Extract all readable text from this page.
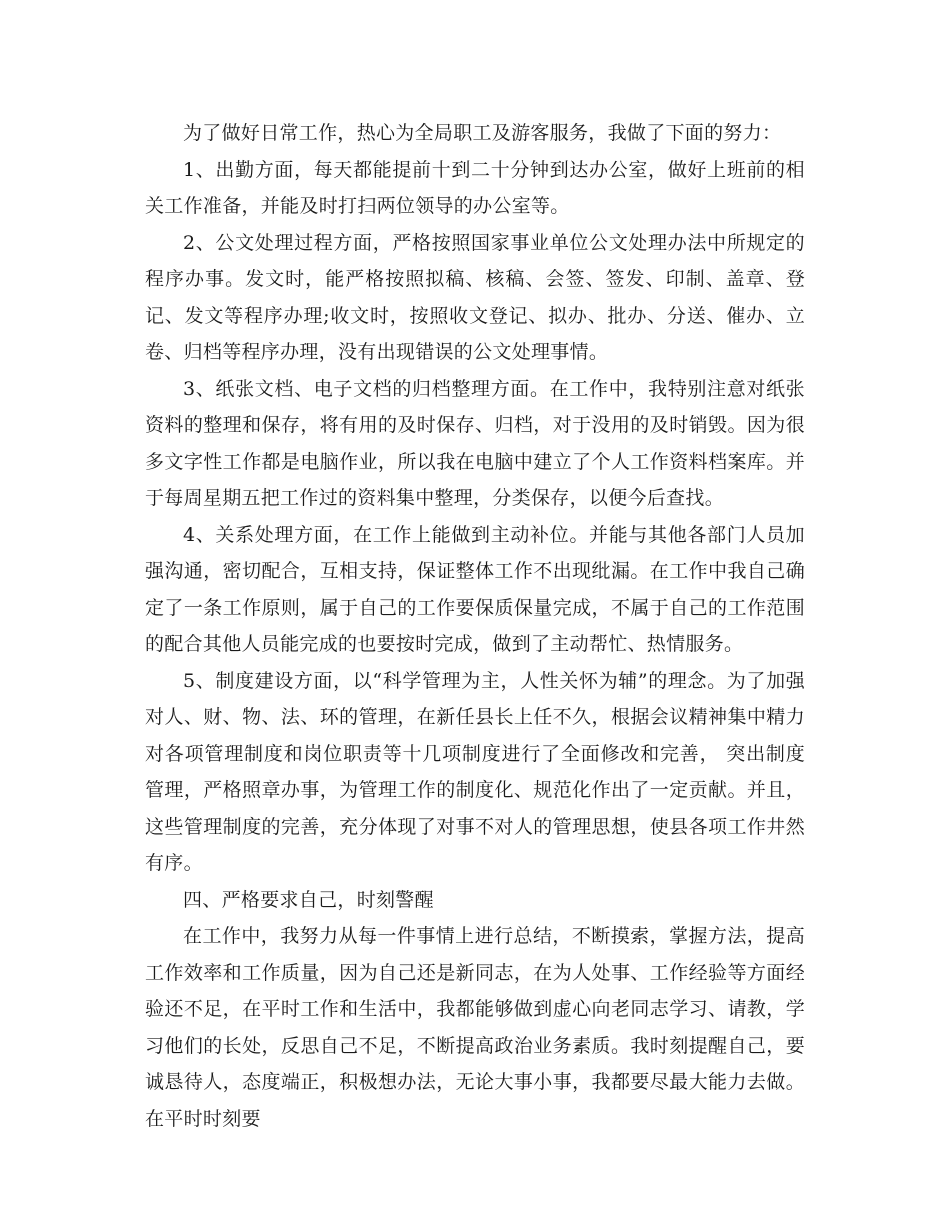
为了做好日常工作，热心为全局职工及游客服务，我做了下面的努力：

1、出勤方面，每天都能提前十到二十分钟到达办公室，做好上班前的相关工作准备，并能及时打扫两位领导的办公室等。

2、公文处理过程方面，严格按照国家事业单位公文处理办法中所规定的程序办事。发文时，能严格按照拟稿、核稿、会签、签发、印制、盖章、登记、发文等程序办理;收文时，按照收文登记、拟办、批办、分送、催办、立卷、归档等程序办理，没有出现错误的公文处理事情。

3、纸张文档、电子文档的归档整理方面。在工作中，我特别注意对纸张资料的整理和保存，将有用的及时保存、归档，对于没用的及时销毁。因为很多文字性工作都是电脑作业，所以我在电脑中建立了个人工作资料档案库。并于每周星期五把工作过的资料集中整理，分类保存，以便今后查找。

4、关系处理方面，在工作上能做到主动补位。并能与其他各部门人员加强沟通，密切配合，互相支持，保证整体工作不出现纰漏。在工作中我自己确定了一条工作原则，属于自己的工作要保质保量完成，不属于自己的工作范围的配合其他人员能完成的也要按时完成，做到了主动帮忙、热情服务。

5、制度建设方面，以“科学管理为主，人性关怀为辅”的理念。为了加强对人、财、物、法、环的管理，在新任县长上任不久，根据会议精神集中精力对各项管理制度和岗位职责等十几项制度进行了全面修改和完善， 突出制度管理，严格照章办事，为管理工作的制度化、规范化作出了一定贡献。并且，这些管理制度的完善，充分体现了对事不对人的管理思想，使县各项工作井然有序。

四、严格要求自己，时刻警醒

在工作中，我努力从每一件事情上进行总结，不断摸索，掌握方法，提高工作效率和工作质量，因为自己还是新同志，在为人处事、工作经验等方面经验还不足，在平时工作和生活中，我都能够做到虚心向老同志学习、请教，学习他们的长处，反思自己不足，不断提高政治业务素质。我时刻提醒自己，要诚恳待人，态度端正，积极想办法，无论大事小事，我都要尽最大能力去做。在平时时刻要
